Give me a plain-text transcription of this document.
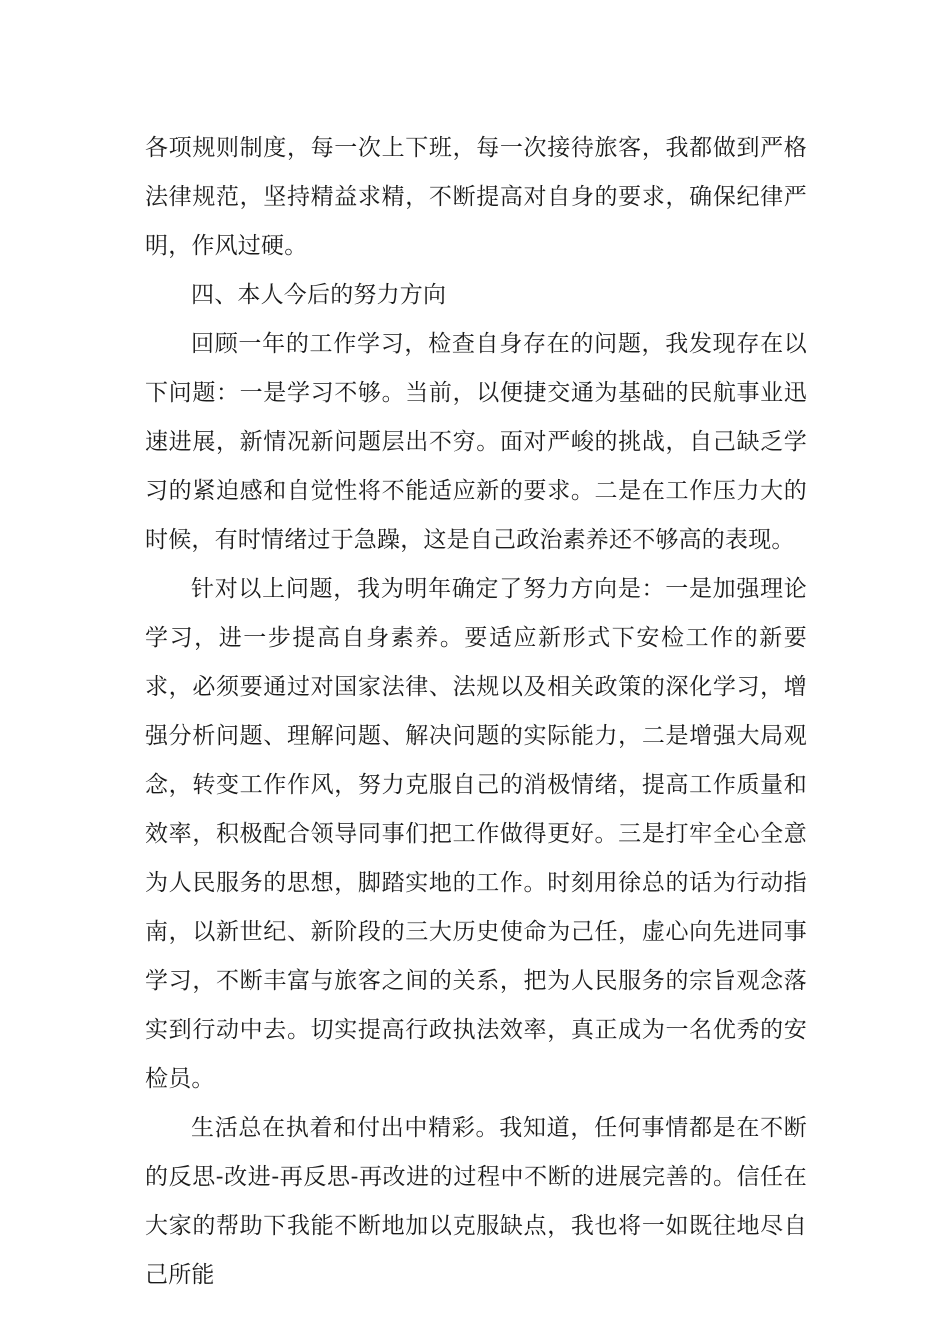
各项规则制度，每一次上下班，每一次接待旅客，我都做到严格法律规范，坚持精益求精，不断提高对自身的要求，确保纪律严明，作风过硬。

四、本人今后的努力方向

回顾一年的工作学习，检查自身存在的问题，我发现存在以下问题：一是学习不够。当前，以便捷交通为基础的民航事业迅速进展，新情况新问题层出不穷。面对严峻的挑战，自己缺乏学习的紧迫感和自觉性将不能适应新的要求。二是在工作压力大的时候，有时情绪过于急躁，这是自己政治素养还不够高的表现。

针对以上问题，我为明年确定了努力方向是：一是加强理论学习，进一步提高自身素养。要适应新形式下安检工作的新要求，必须要通过对国家法律、法规以及相关政策的深化学习，增强分析问题、理解问题、解决问题的实际能力，二是增强大局观念，转变工作作风，努力克服自己的消极情绪，提高工作质量和效率，积极配合领导同事们把工作做得更好。三是打牢全心全意为人民服务的思想，脚踏实地的工作。时刻用徐总的话为行动指南，以新世纪、新阶段的三大历史使命为己任，虚心向先进同事学习，不断丰富与旅客之间的关系，把为人民服务的宗旨观念落实到行动中去。切实提高行政执法效率，真正成为一名优秀的安检员。

生活总在执着和付出中精彩。我知道，任何事情都是在不断的反思-改进-再反思-再改进的过程中不断的进展完善的。信任在大家的帮助下我能不断地加以克服缺点，我也将一如既往地尽自己所能
